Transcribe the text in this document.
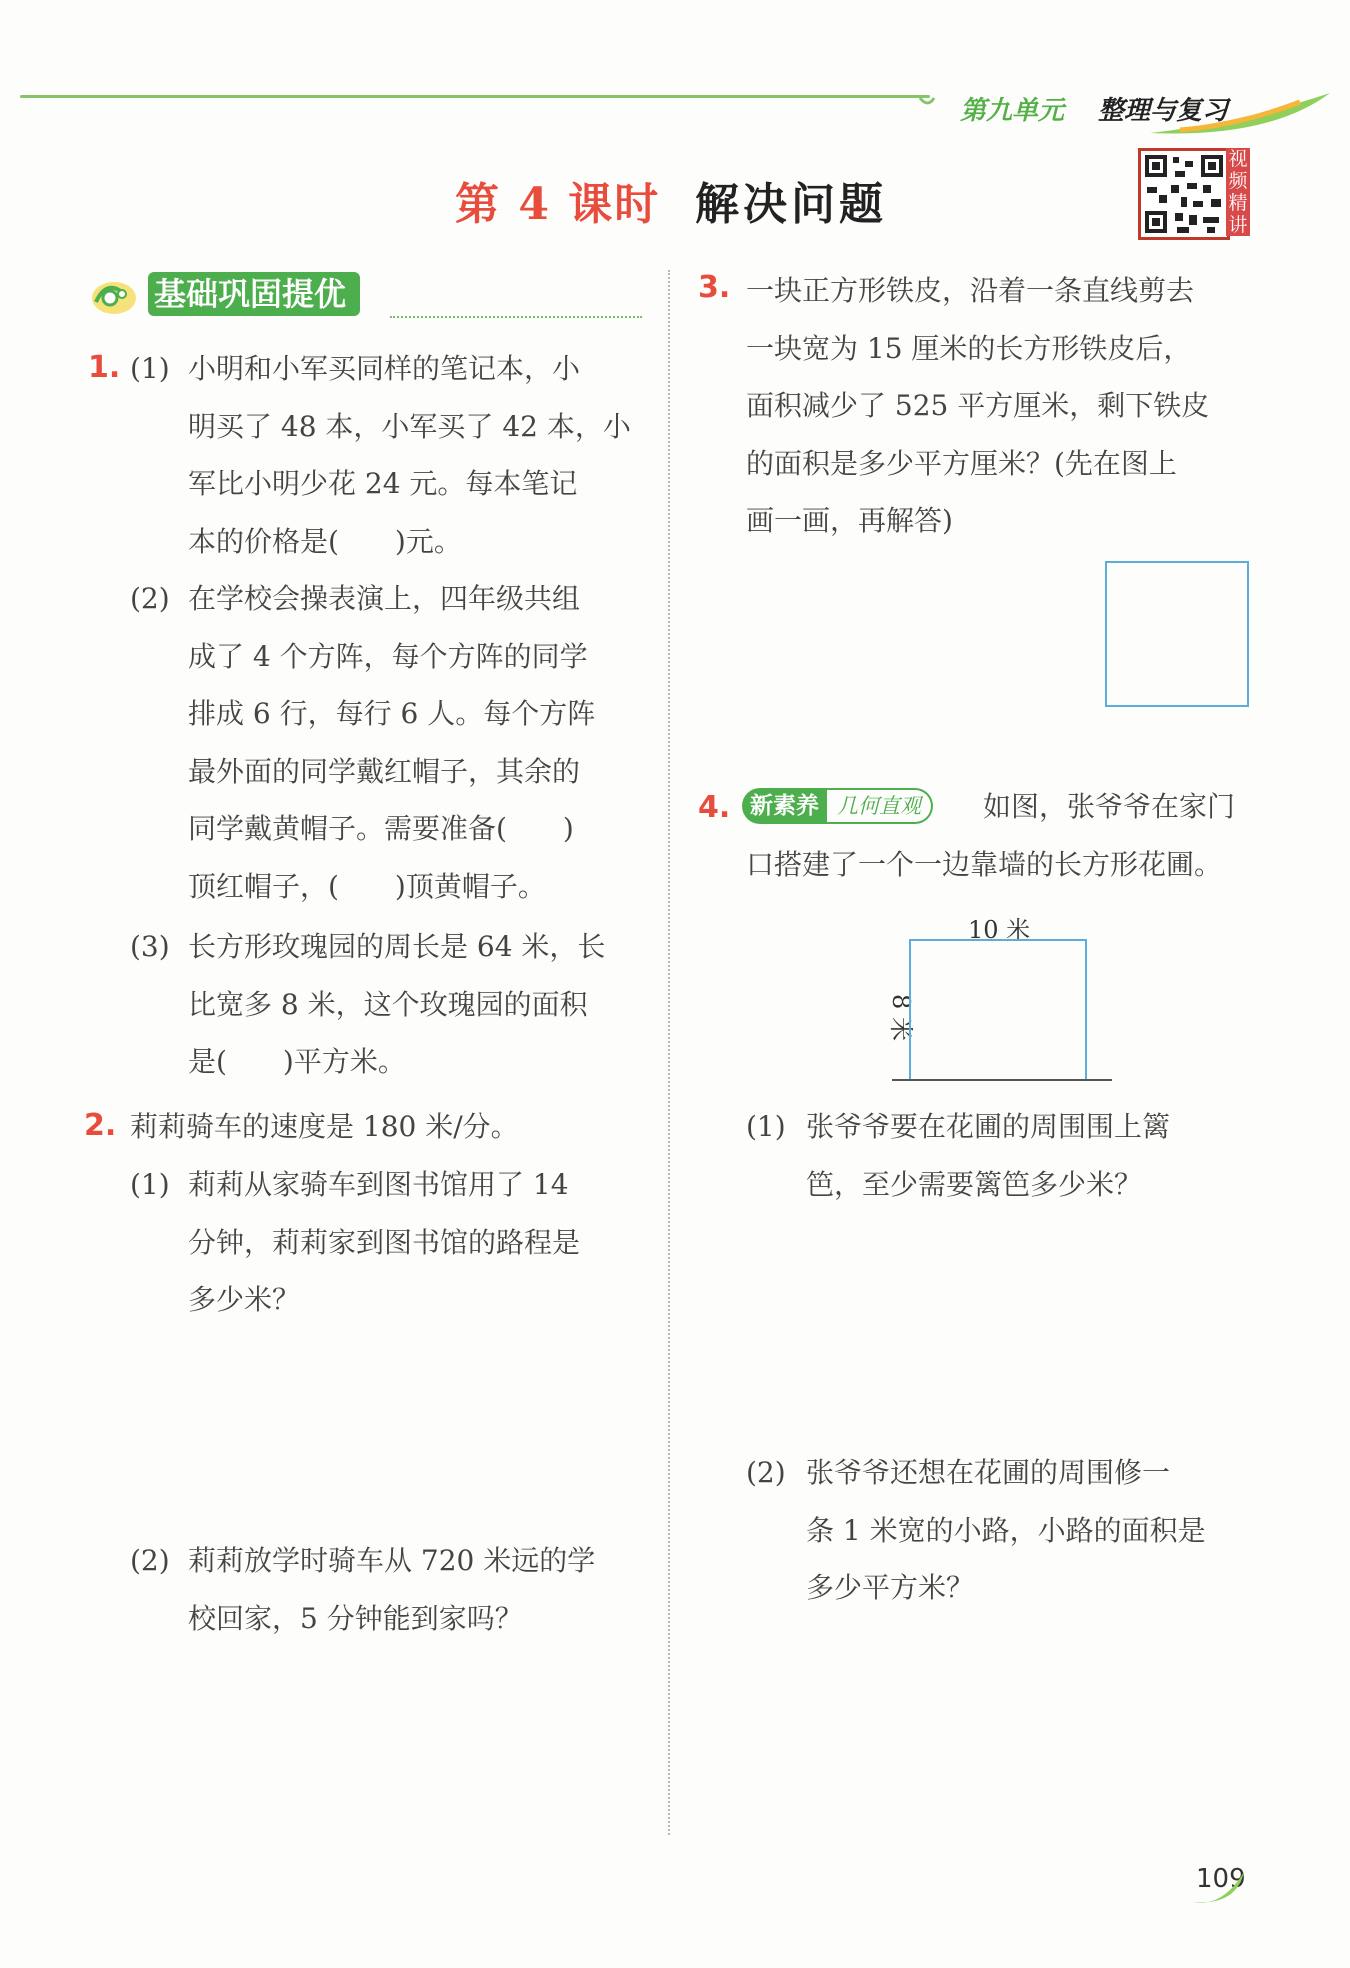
第九单元 整理与复习
第 4 课时 解决问题
视频精讲
基础巩固提优
1. (1) 小明和小军买同样的笔记本，小
明买了 48 本，小军买了 42 本，小
军比小明少花 24 元。每本笔记
本的价格是(　　)元。
(2) 在学校会操表演上，四年级共组
成了 4 个方阵，每个方阵的同学
排成 6 行，每行 6 人。每个方阵
最外面的同学戴红帽子，其余的
同学戴黄帽子。需要准备(　　)
顶红帽子，(　　)顶黄帽子。
(3) 长方形玫瑰园的周长是 64 米，长
比宽多 8 米，这个玫瑰园的面积
是(　　)平方米。
2. 莉莉骑车的速度是 180 米/分。
(1) 莉莉从家骑车到图书馆用了 14
分钟，莉莉家到图书馆的路程是
多少米？
(2) 莉莉放学时骑车从 720 米远的学
校回家，5 分钟能到家吗？
3. 一块正方形铁皮，沿着一条直线剪去
一块宽为 15 厘米的长方形铁皮后，
面积减少了 525 平方厘米，剩下铁皮
的面积是多少平方厘米？(先在图上
画一画，再解答)
4. 新素养 几何直观	如图，张爷爷在家门
口搭建了一个一边靠墙的长方形花圃。
10 米
8 米
(1) 张爷爷要在花圃的周围围上篱
笆，至少需要篱笆多少米？
(2) 张爷爷还想在花圃的周围修一
条 1 米宽的小路，小路的面积是
多少平方米？
109
